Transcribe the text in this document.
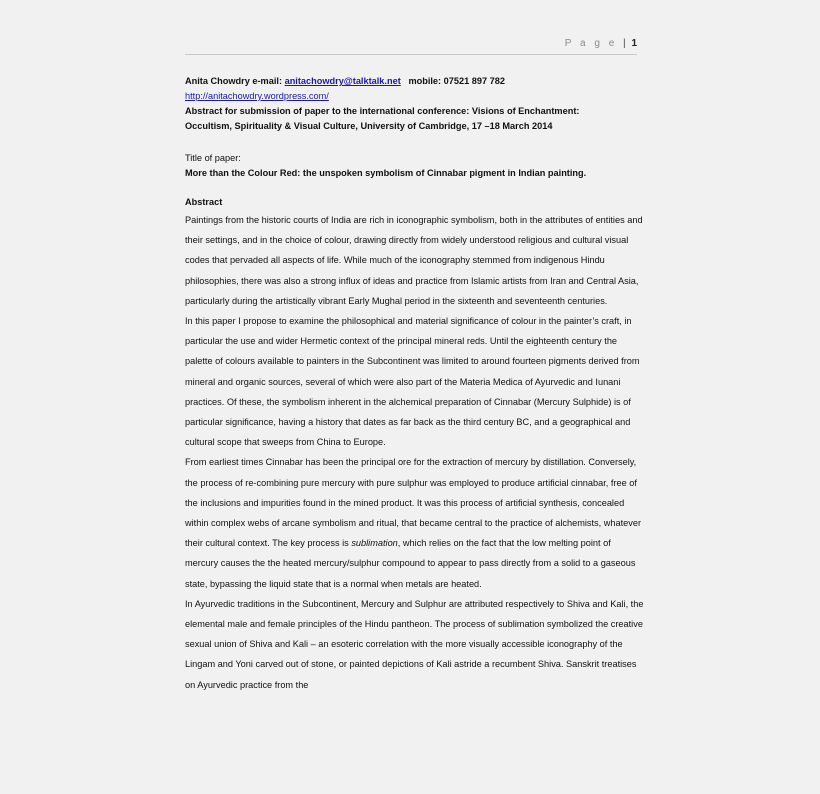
P a g e | 1
Anita Chowdry e-mail: anitachowdry@talktalk.net mobile: 07521 897 782
http://anitachowdry.wordpress.com/
Abstract for submission of paper to the international conference: Visions of Enchantment:
Occultism, Spirituality & Visual Culture, University of Cambridge, 17 –18 March 2014
Title of paper:
More than the Colour Red: the unspoken symbolism of Cinnabar pigment in Indian painting.
Abstract

Paintings from the historic courts of India are rich in iconographic symbolism, both in the attributes of entities and their settings, and in the choice of colour, drawing directly from widely understood religious and cultural visual codes that pervaded all aspects of life. While much of the iconography stemmed from indigenous Hindu philosophies, there was also a strong influx of ideas and practice from Islamic artists from Iran and Central Asia, particularly during the artistically vibrant Early Mughal period in the sixteenth and seventeenth centuries.

In this paper I propose to examine the philosophical and material significance of colour in the painter’s craft, in particular the use and wider Hermetic context of the principal mineral reds. Until the eighteenth century the palette of colours available to painters in the Subcontinent was limited to around fourteen pigments derived from mineral and organic sources, several of which were also part of the Materia Medica of Ayurvedic and Iunani practices. Of these, the symbolism inherent in the alchemical preparation of Cinnabar (Mercury Sulphide) is of particular significance, having a history that dates as far back as the third century BC, and a geographical and cultural scope that sweeps from China to Europe.

From earliest times Cinnabar has been the principal ore for the extraction of mercury by distillation. Conversely, the process of re-combining pure mercury with pure sulphur was employed to produce artificial cinnabar, free of the inclusions and impurities found in the mined product. It was this process of artificial synthesis, concealed within complex webs of arcane symbolism and ritual, that became central to the practice of alchemists, whatever their cultural context. The key process is sublimation, which relies on the fact that the low melting point of mercury causes the the heated mercury/sulphur compound to appear to pass directly from a solid to a gaseous state, bypassing the liquid state that is a normal when metals are heated.

In Ayurvedic traditions in the Subcontinent, Mercury and Sulphur are attributed respectively to Shiva and Kali, the elemental male and female principles of the Hindu pantheon. The process of sublimation symbolized the creative sexual union of Shiva and Kali – an esoteric correlation with the more visually accessible iconography of the Lingam and Yoni carved out of stone, or painted depictions of Kali astride a recumbent Shiva. Sanskrit treatises on Ayurvedic practice from the
